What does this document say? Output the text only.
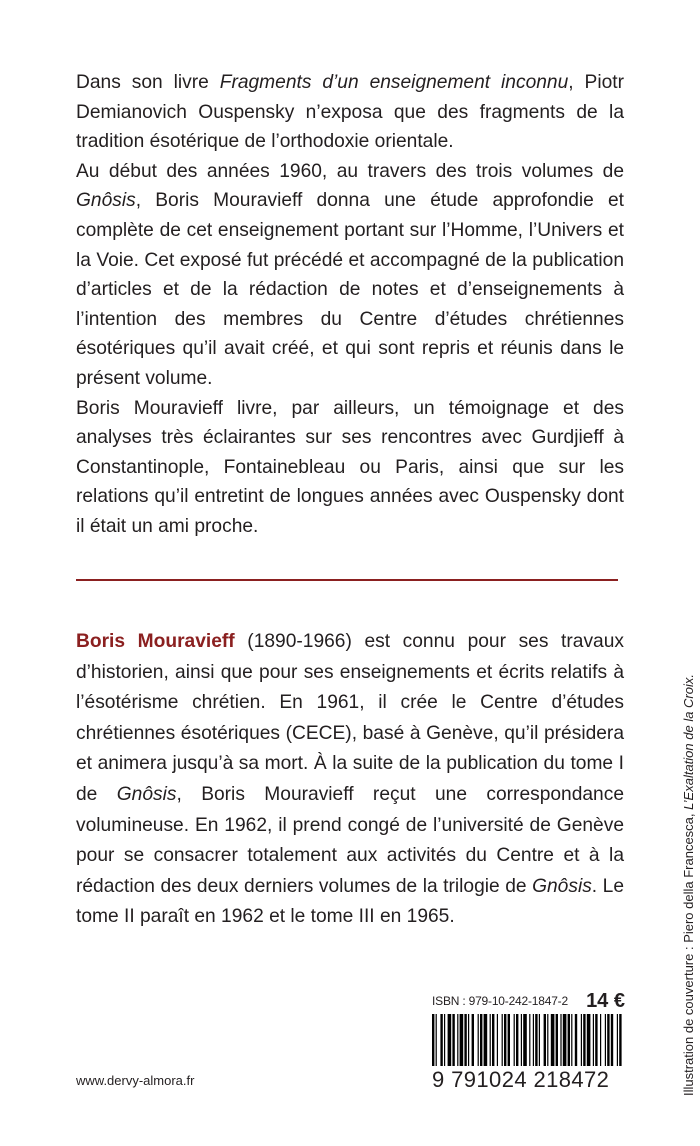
Dans son livre Fragments d’un enseignement inconnu, Piotr Demianovich Ouspensky n’exposa que des fragments de la tradition ésotérique de l’orthodoxie orientale.

Au début des années 1960, au travers des trois volumes de Gnôsis, Boris Mouravieff donna une étude approfondie et complète de cet enseignement portant sur l’Homme, l’Univers et la Voie. Cet exposé fut précédé et accompagné de la publication d’articles et de la rédaction de notes et d’enseignements à l’intention des membres du Centre d’études chrétiennes ésotériques qu’il avait créé, et qui sont repris et réunis dans le présent volume.

Boris Mouravieff livre, par ailleurs, un témoignage et des analyses très éclairantes sur ses rencontres avec Gurdjieff à Constantinople, Fontainebleau ou Paris, ainsi que sur les relations qu’il entretint de longues années avec Ouspensky dont il était un ami proche.

Boris Mouravieff (1890-1966) est connu pour ses travaux d’historien, ainsi que pour ses enseignements et écrits relatifs à l’ésotérisme chrétien. En 1961, il crée le Centre d’études chrétiennes ésotériques (CECE), basé à Genève, qu’il présidera et animera jusqu’à sa mort. À la suite de la publication du tome I de Gnôsis, Boris Mouravieff reçut une correspondance volumineuse. En 1962, il prend congé de l’université de Genève pour se consacrer totalement aux activités du Centre et à la rédaction des deux derniers volumes de la trilogie de Gnôsis. Le tome II paraît en 1962 et le tome III en 1965.
ISBN : 979-10-242-1847-2 14 €
9 791024 218472
www.dervy-almora.fr	Illustration de couverture : Piero della Francesca, L’Exaltation de la Croix.
